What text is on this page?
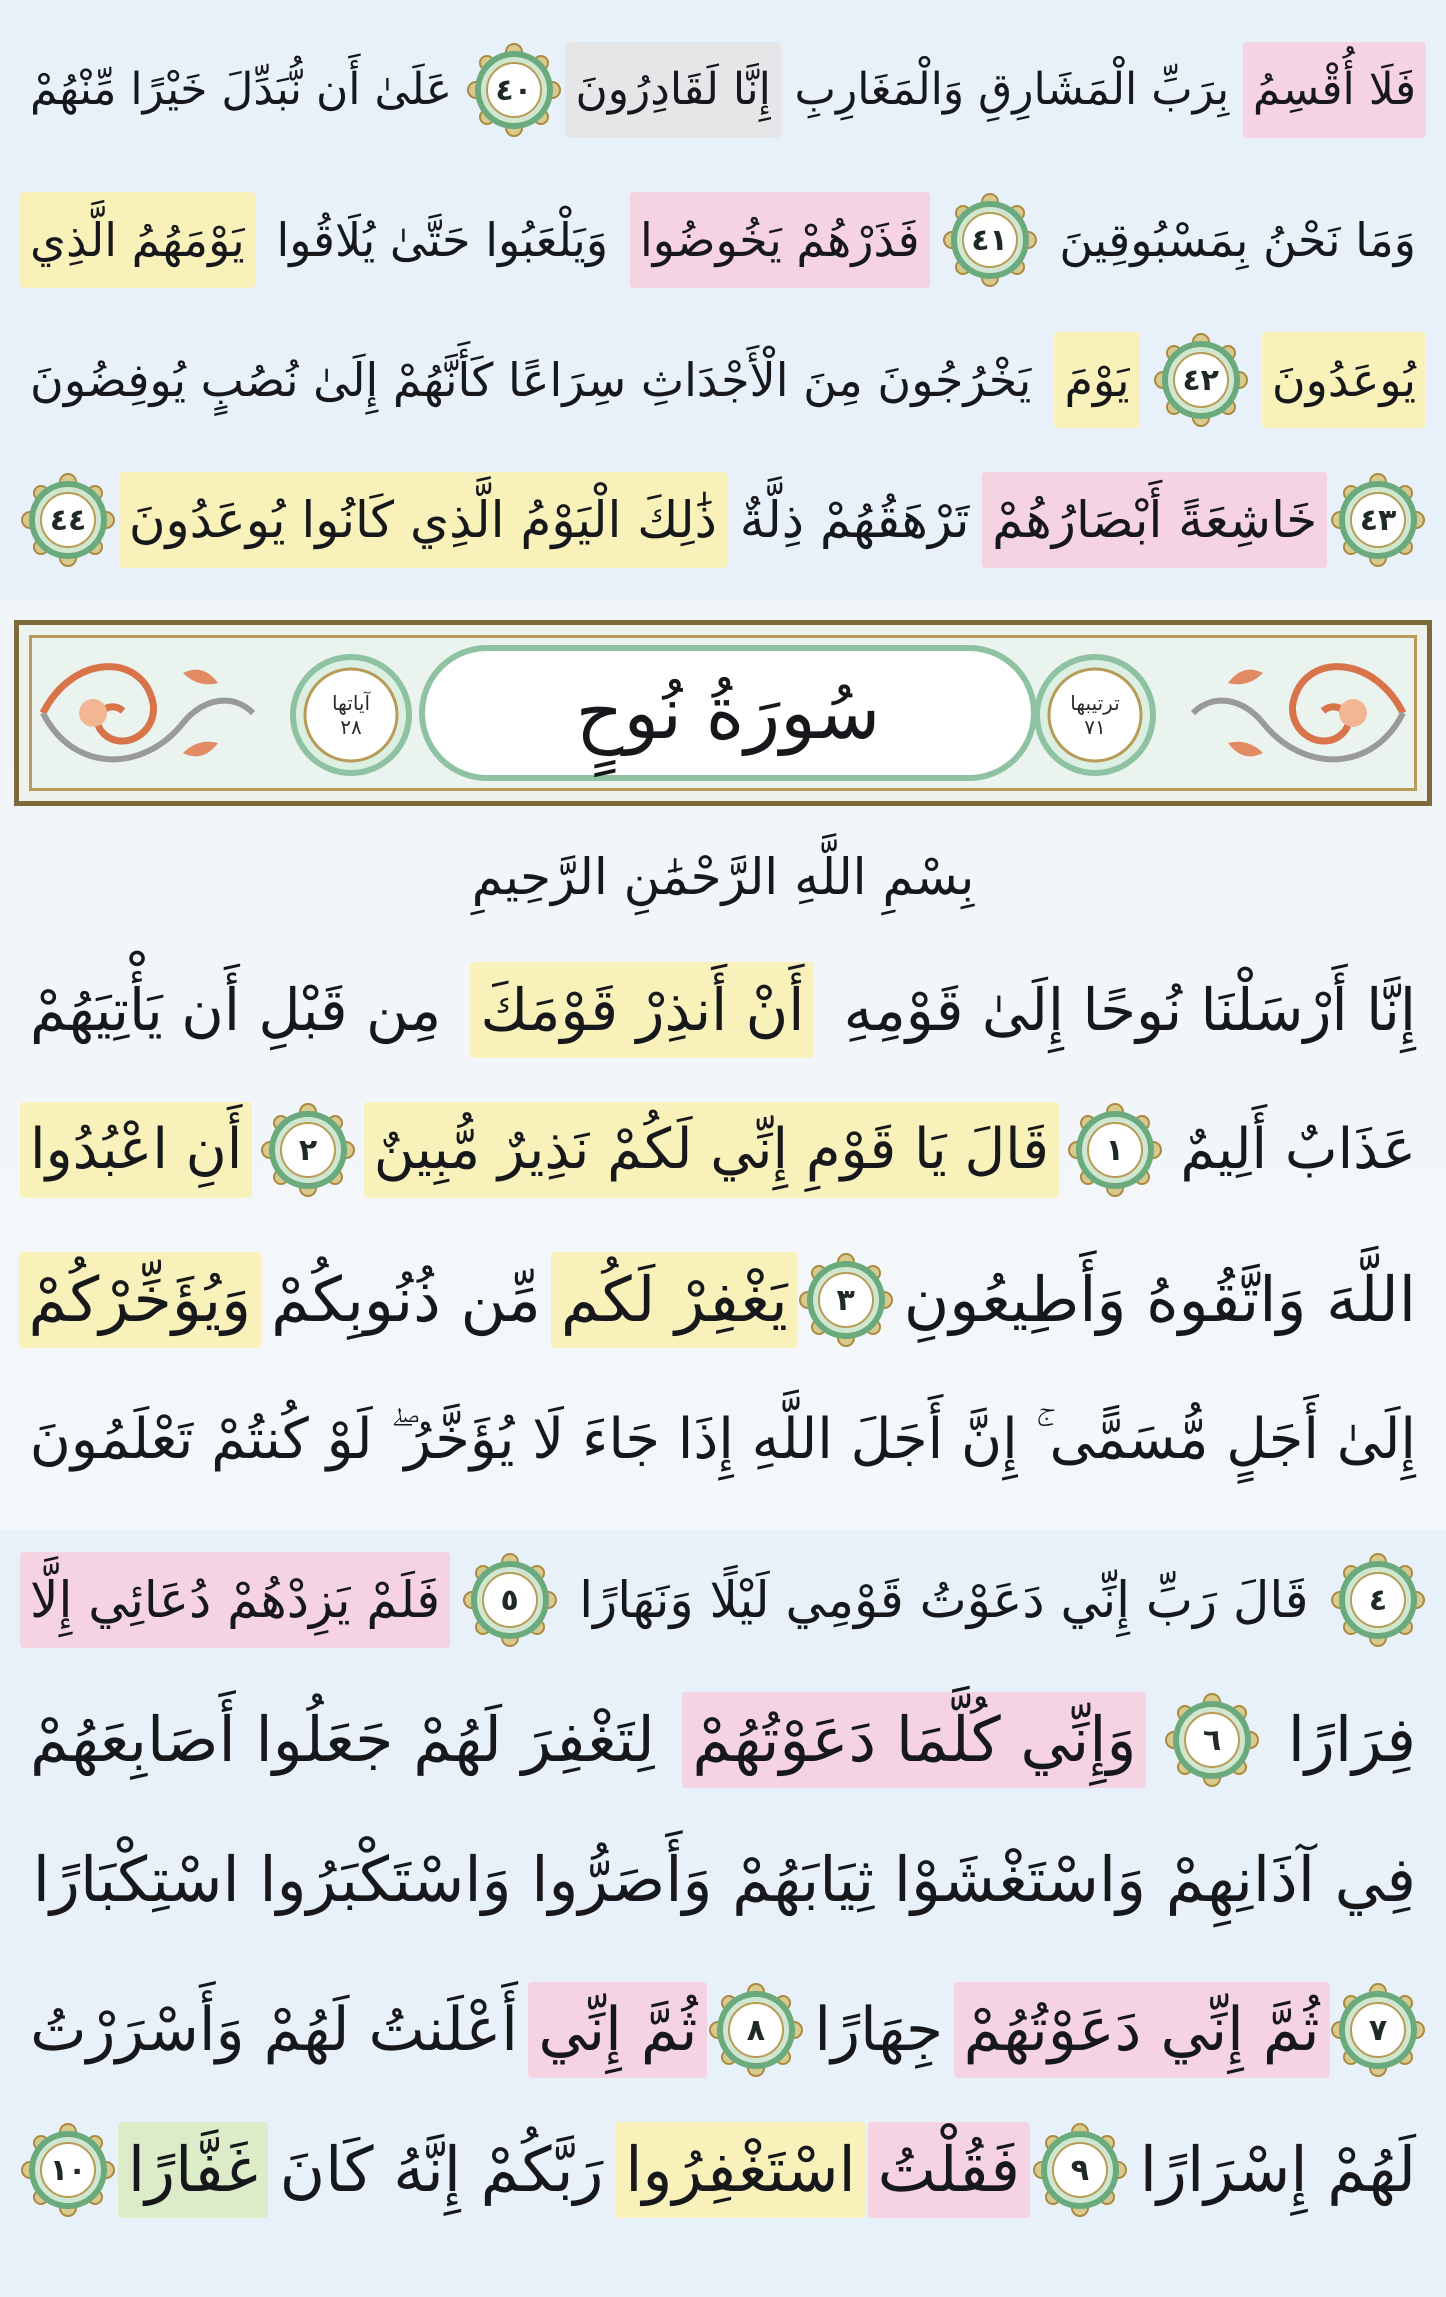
آياتها
٢٨	سُورَةُ نُوحٍ	ترتيبها
٧١
بِسْمِ اللَّهِ الرَّحْمَٰنِ الرَّحِيمِ
فَلَا أُقْسِمُ
بِرَبِّ الْمَشَارِقِ وَالْمَغَارِبِ
إِنَّا لَقَادِرُونَ
٤٠
عَلَىٰ أَن نُّبَدِّلَ خَيْرًا مِّنْهُمْ
وَمَا نَحْنُ بِمَسْبُوقِينَ
٤١
فَذَرْهُمْ يَخُوضُوا
وَيَلْعَبُوا حَتَّىٰ يُلَاقُوا
يَوْمَهُمُ الَّذِي
يُوعَدُونَ
٤٢
يَوْمَ
يَخْرُجُونَ مِنَ الْأَجْدَاثِ سِرَاعًا كَأَنَّهُمْ إِلَىٰ نُصُبٍ يُوفِضُونَ
٤٣
خَاشِعَةً أَبْصَارُهُمْ
تَرْهَقُهُمْ ذِلَّةٌ
ذَٰلِكَ الْيَوْمُ الَّذِي كَانُوا يُوعَدُونَ
٤٤
إِنَّا أَرْسَلْنَا نُوحًا إِلَىٰ قَوْمِهِ
أَنْ أَنذِرْ قَوْمَكَ
مِن قَبْلِ أَن يَأْتِيَهُمْ
عَذَابٌ أَلِيمٌ
١
قَالَ يَا قَوْمِ إِنِّي لَكُمْ نَذِيرٌ مُّبِينٌ
٢
أَنِ اعْبُدُوا
اللَّهَ وَاتَّقُوهُ وَأَطِيعُونِ
٣
يَغْفِرْ لَكُم
مِّن ذُنُوبِكُمْ
وَيُؤَخِّرْكُمْ
إِلَىٰ أَجَلٍ مُّسَمًّى ۚ إِنَّ أَجَلَ اللَّهِ إِذَا جَاءَ لَا يُؤَخَّرُ ۖ لَوْ كُنتُمْ تَعْلَمُونَ
٤
قَالَ رَبِّ إِنِّي دَعَوْتُ قَوْمِي لَيْلًا وَنَهَارًا
٥
فَلَمْ يَزِدْهُمْ دُعَائِي إِلَّا
فِرَارًا
٦
وَإِنِّي كُلَّمَا دَعَوْتُهُمْ
لِتَغْفِرَ لَهُمْ جَعَلُوا أَصَابِعَهُمْ
فِي آذَانِهِمْ وَاسْتَغْشَوْا ثِيَابَهُمْ وَأَصَرُّوا وَاسْتَكْبَرُوا اسْتِكْبَارًا
٧
ثُمَّ إِنِّي دَعَوْتُهُمْ
جِهَارًا
٨
ثُمَّ إِنِّي
أَعْلَنتُ لَهُمْ وَأَسْرَرْتُ
لَهُمْ إِسْرَارًا
٩
فَقُلْتُ
اسْتَغْفِرُوا
رَبَّكُمْ إِنَّهُ كَانَ
غَفَّارًا
١٠
